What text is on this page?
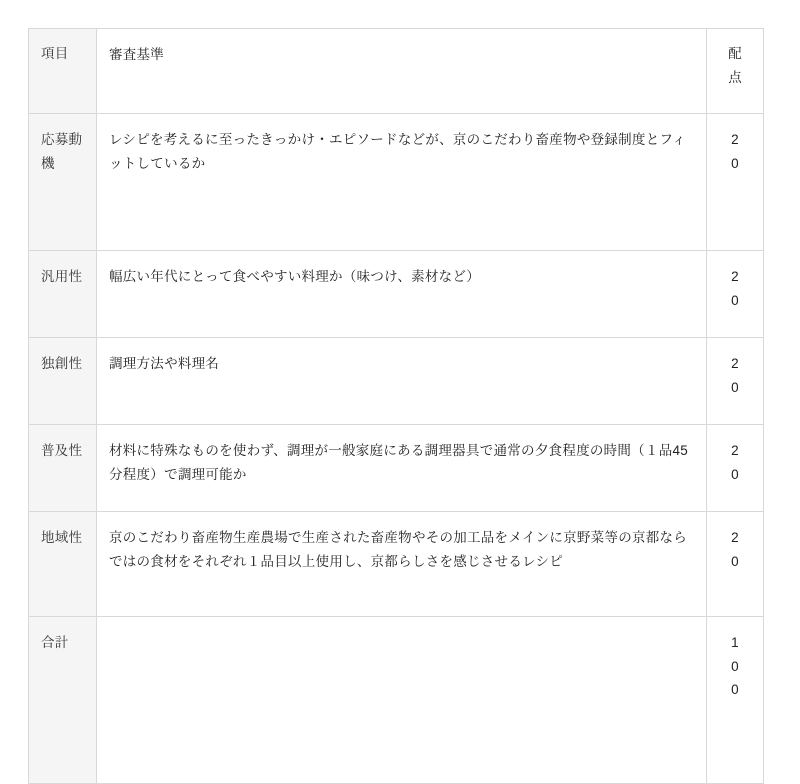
項目	審査基準	配点

応募動機	レシピを考えるに至ったきっかけ・エピソードなどが、京のこだわり畜産物や登録制度とフィットしているか	20

汎用性	幅広い年代にとって食べやすい料理か（味つけ、素材など）	20

独創性	調理方法や料理名	20

普及性	材料に特殊なものを使わず、調理が一般家庭にある調理器具で通常の夕食程度の時間（１品45分程度）で調理可能か	20

地域性	京のこだわり畜産物生産農場で生産された畜産物やその加工品をメインに京野菜等の京都ならではの食材をそれぞれ１品目以上使用し、京都らしさを感じさせるレシピ	20

合計		100
